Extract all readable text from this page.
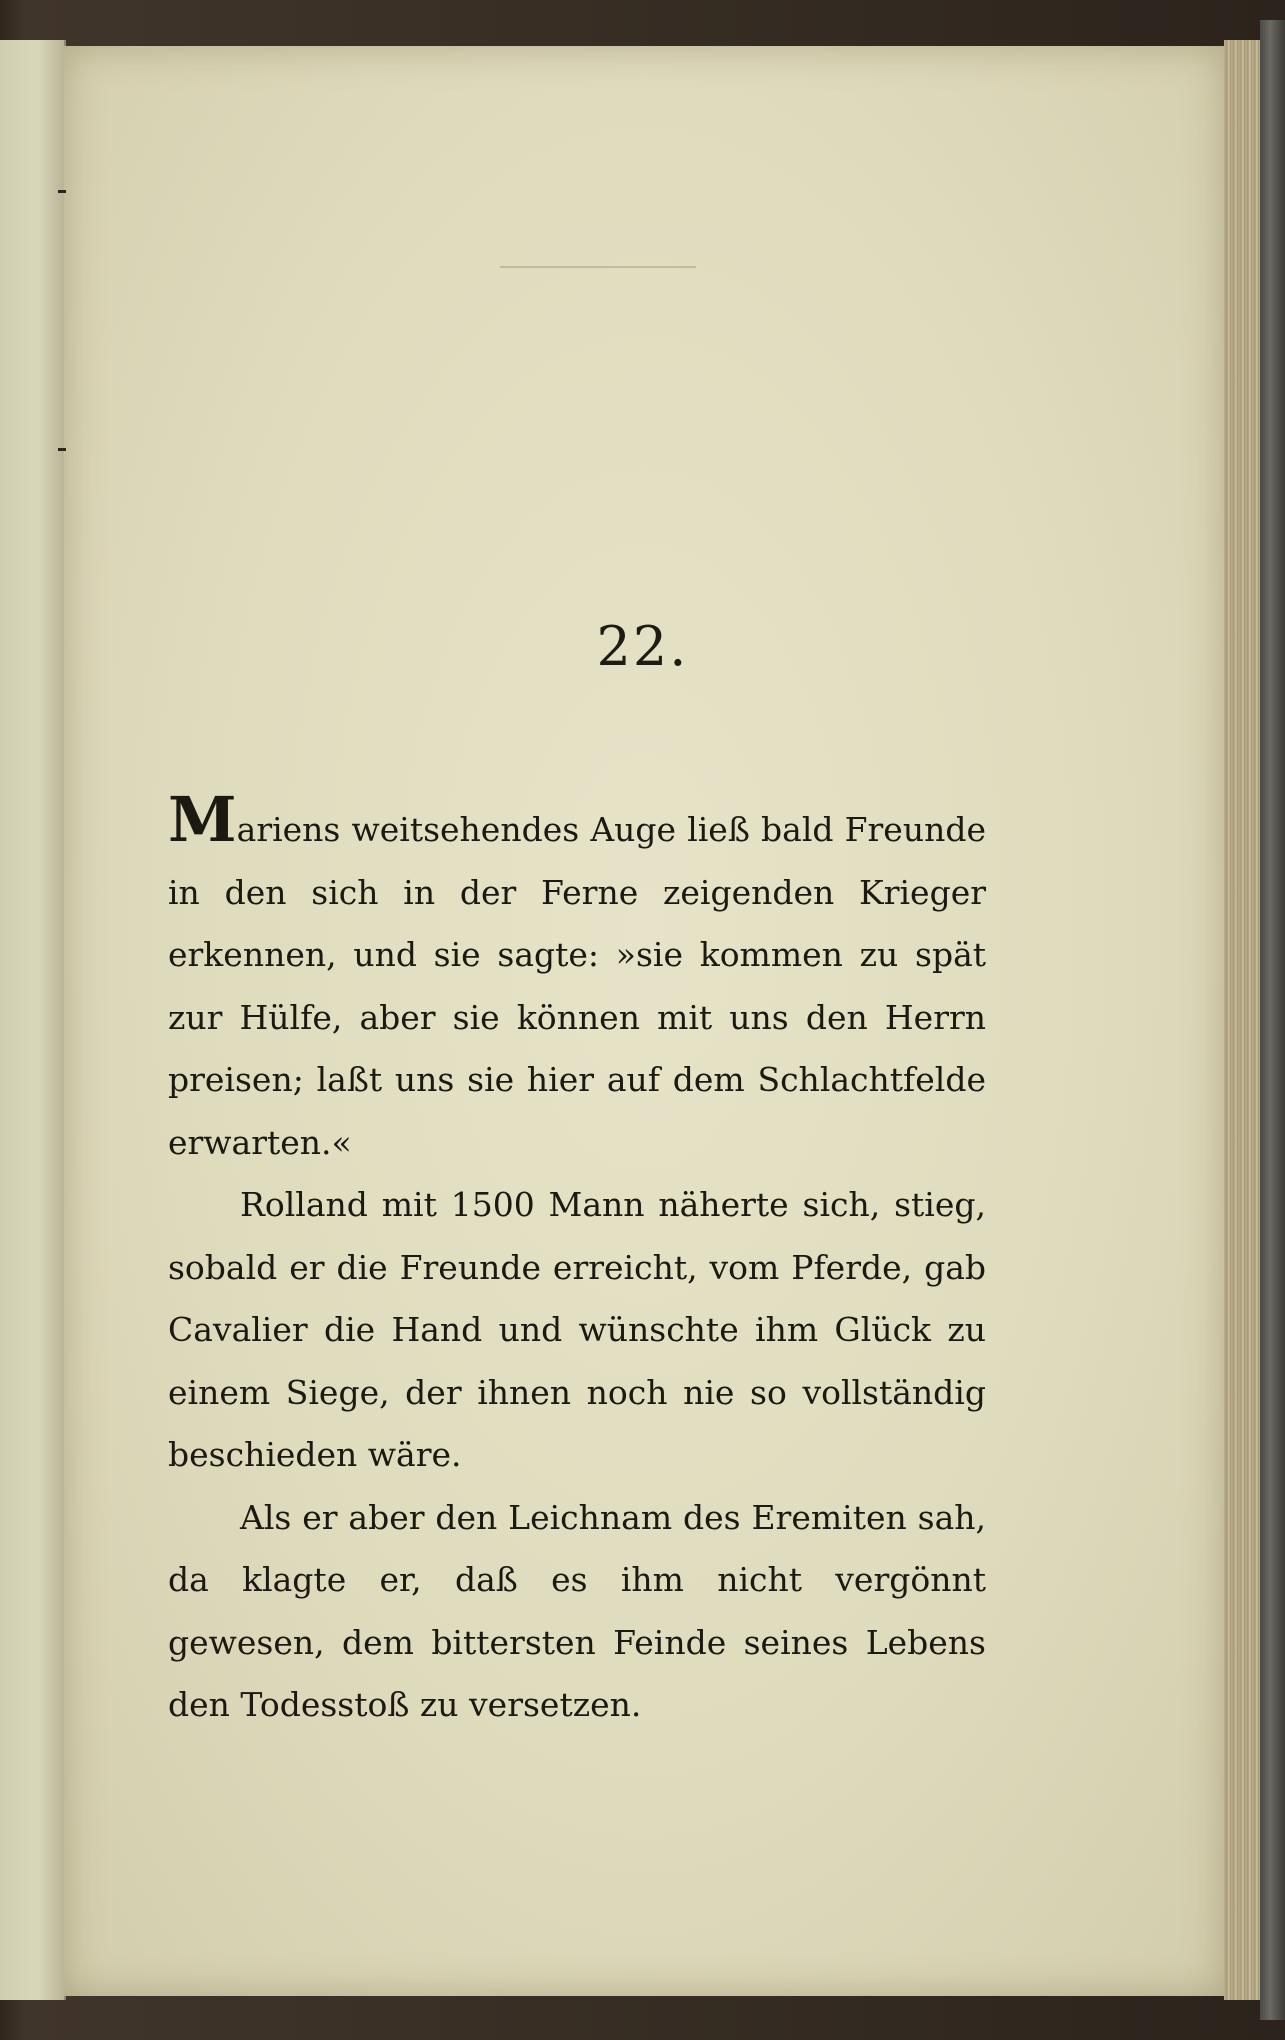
22.

Mariens weitsehendes Auge ließ bald Freunde in den sich in der Ferne zeigenden Krieger erkennen, und sie sagte: »sie kommen zu spät zur Hülfe, aber sie können mit uns den Herrn preisen; laßt uns sie hier auf dem Schlachtfelde erwarten.«

Rolland mit 1500 Mann näherte sich, stieg, sobald er die Freunde erreicht, vom Pferde, gab Cavalier die Hand und wünschte ihm Glück zu einem Siege, der ihnen noch nie so vollständig beschieden wäre.

Als er aber den Leichnam des Eremiten sah, da klagte er, daß es ihm nicht vergönnt gewesen, dem bittersten Feinde seines Lebens den Todesstoß zu versetzen.
